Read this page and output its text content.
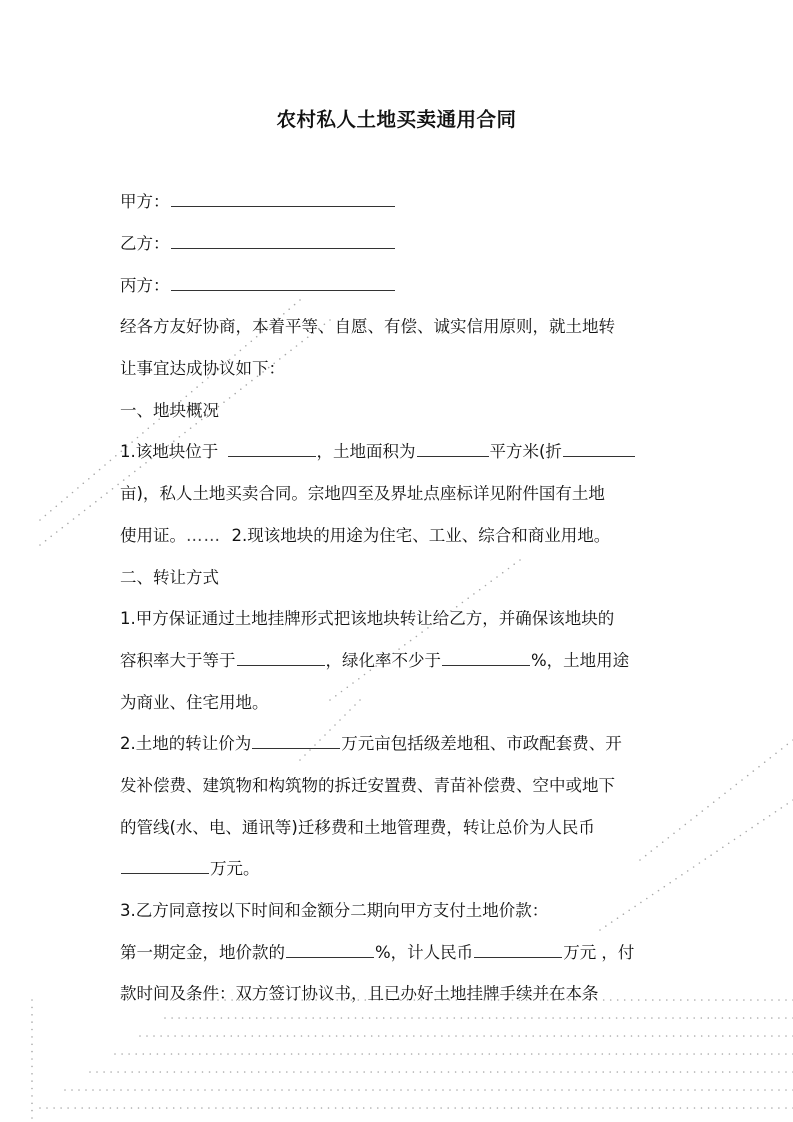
农村私人土地买卖通用合同
甲方：
乙方：
丙方：
经各方友好协商，本着平等、自愿、有偿、诚实信用原则，就土地转
让事宜达成协议如下：
一、地块概况
1.该地块位于	，土地面积为	平方米(折
亩)，私人土地买卖合同。宗地四至及界址点座标详见附件国有土地
使用证。…… 2.现该地块的用途为住宅、工业、综合和商业用地。
二、转让方式
1.甲方保证通过土地挂牌形式把该地块转让给乙方，并确保该地块的
容积率大于等于	，绿化率不少于	%，土地用途
为商业、住宅用地。
2.土地的转让价为	万元亩包括级差地租、市政配套费、开
发补偿费、建筑物和构筑物的拆迁安置费、青苗补偿费、空中或地下
的管线(水、电、通讯等)迁移费和土地管理费，转让总价为人民币
万元。
3.乙方同意按以下时间和金额分二期向甲方支付土地价款：
第一期定金，地价款的	%，计人民币	万元 ，付
款时间及条件：双方签订协议书，且已办好土地挂牌手续并在本条
